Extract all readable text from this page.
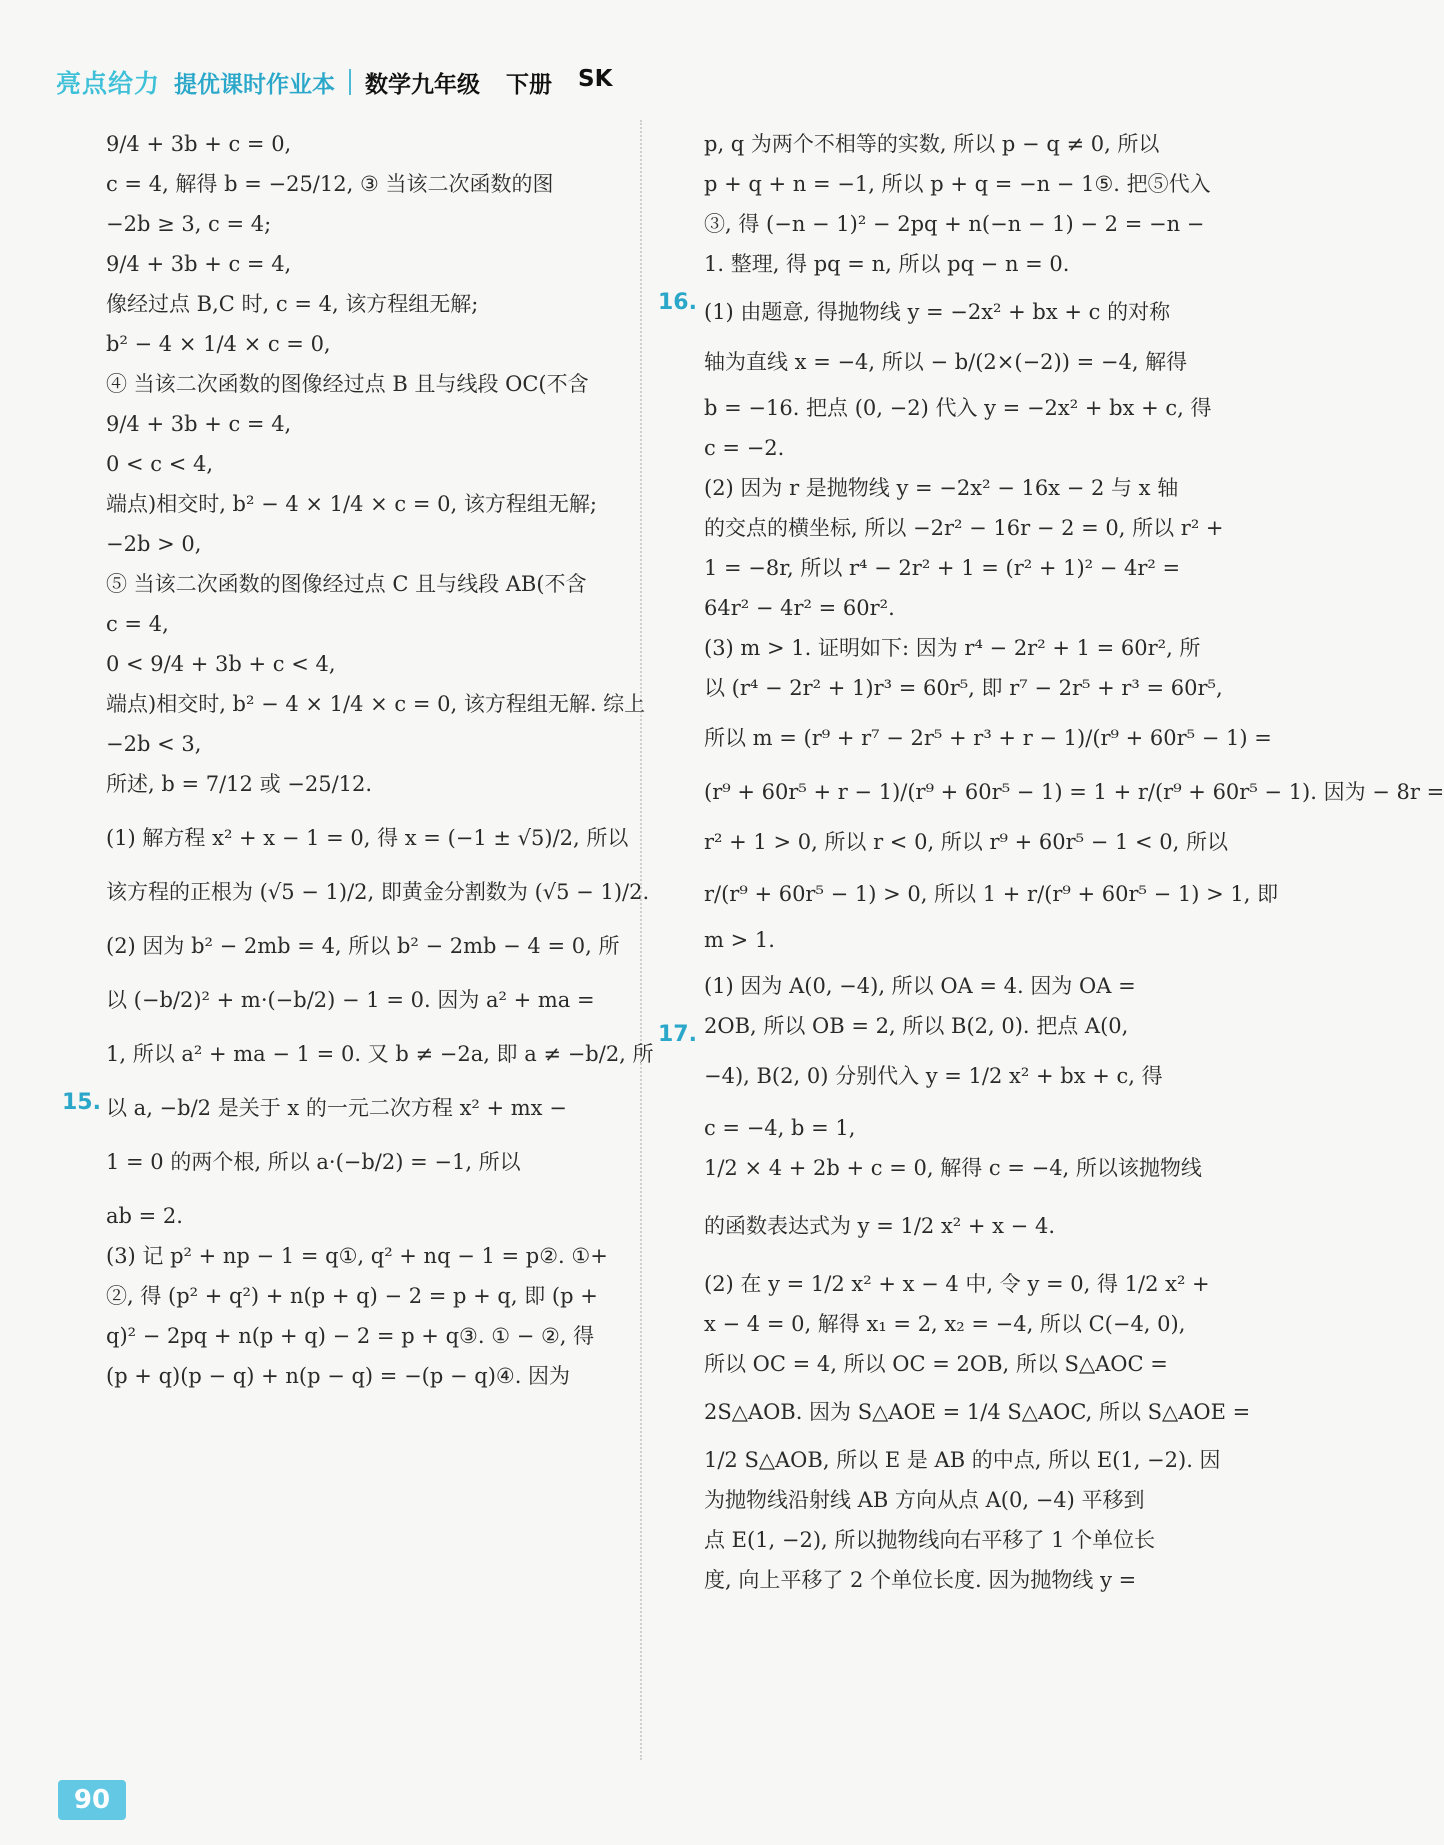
亮点给力 提优课时作业本 数学九年级 下册 SK
15.
16.
17.
9/4 + 3b + c = 0,
c = 4, 解得 b = −25/12, ③ 当该二次函数的图
−2b ≥ 3, c = 4;
9/4 + 3b + c = 4,
像经过点 B,C 时, c = 4, 该方程组无解;
b² − 4 × 1/4 × c = 0,
④ 当该二次函数的图像经过点 B 且与线段 OC(不含
9/4 + 3b + c = 4,
0 < c < 4,
端点)相交时, b² − 4 × 1/4 × c = 0, 该方程组无解;
−2b > 0,
⑤ 当该二次函数的图像经过点 C 且与线段 AB(不含
c = 4,
0 < 9/4 + 3b + c < 4,
端点)相交时, b² − 4 × 1/4 × c = 0, 该方程组无解. 综上
−2b < 3,
所述, b = 7/12 或 −25/12.
(1) 解方程 x² + x − 1 = 0, 得 x = (−1 ± √5)/2, 所以
该方程的正根为 (√5 − 1)/2, 即黄金分割数为 (√5 − 1)/2.
(2) 因为 b² − 2mb = 4, 所以 b² − 2mb − 4 = 0, 所
以 (−b/2)² + m·(−b/2) − 1 = 0. 因为 a² + ma =
1, 所以 a² + ma − 1 = 0. 又 b ≠ −2a, 即 a ≠ −b/2, 所
以 a, −b/2 是关于 x 的一元二次方程 x² + mx −
1 = 0 的两个根, 所以 a·(−b/2) = −1, 所以
ab = 2.
(3) 记 p² + np − 1 = q①, q² + nq − 1 = p②. ①+
②, 得 (p² + q²) + n(p + q) − 2 = p + q, 即 (p +
q)² − 2pq + n(p + q) − 2 = p + q③. ① − ②, 得
(p + q)(p − q) + n(p − q) = −(p − q)④. 因为
p, q 为两个不相等的实数, 所以 p − q ≠ 0, 所以
p + q + n = −1, 所以 p + q = −n − 1⑤. 把⑤代入
③, 得 (−n − 1)² − 2pq + n(−n − 1) − 2 = −n −
1. 整理, 得 pq = n, 所以 pq − n = 0.
(1) 由题意, 得抛物线 y = −2x² + bx + c 的对称
轴为直线 x = −4, 所以 − b/(2×(−2)) = −4, 解得
b = −16. 把点 (0, −2) 代入 y = −2x² + bx + c, 得
c = −2.
(2) 因为 r 是抛物线 y = −2x² − 16x − 2 与 x 轴
的交点的横坐标, 所以 −2r² − 16r − 2 = 0, 所以 r² +
1 = −8r, 所以 r⁴ − 2r² + 1 = (r² + 1)² − 4r² =
64r² − 4r² = 60r².
(3) m > 1. 证明如下: 因为 r⁴ − 2r² + 1 = 60r², 所
以 (r⁴ − 2r² + 1)r³ = 60r⁵, 即 r⁷ − 2r⁵ + r³ = 60r⁵,
所以 m = (r⁹ + r⁷ − 2r⁵ + r³ + r − 1)/(r⁹ + 60r⁵ − 1) =
(r⁹ + 60r⁵ + r − 1)/(r⁹ + 60r⁵ − 1) = 1 + r/(r⁹ + 60r⁵ − 1). 因为 − 8r =
r² + 1 > 0, 所以 r < 0, 所以 r⁹ + 60r⁵ − 1 < 0, 所以
r/(r⁹ + 60r⁵ − 1) > 0, 所以 1 + r/(r⁹ + 60r⁵ − 1) > 1, 即
m > 1.
(1) 因为 A(0, −4), 所以 OA = 4. 因为 OA =
2OB, 所以 OB = 2, 所以 B(2, 0). 把点 A(0,
−4), B(2, 0) 分别代入 y = 1/2 x² + bx + c, 得
c = −4, b = 1,
1/2 × 4 + 2b + c = 0, 解得 c = −4, 所以该抛物线
的函数表达式为 y = 1/2 x² + x − 4.
(2) 在 y = 1/2 x² + x − 4 中, 令 y = 0, 得 1/2 x² +
x − 4 = 0, 解得 x₁ = 2, x₂ = −4, 所以 C(−4, 0),
所以 OC = 4, 所以 OC = 2OB, 所以 S△AOC =
2S△AOB. 因为 S△AOE = 1/4 S△AOC, 所以 S△AOE =
1/2 S△AOB, 所以 E 是 AB 的中点, 所以 E(1, −2). 因
为抛物线沿射线 AB 方向从点 A(0, −4) 平移到
点 E(1, −2), 所以抛物线向右平移了 1 个单位长
度, 向上平移了 2 个单位长度. 因为抛物线 y =
90
